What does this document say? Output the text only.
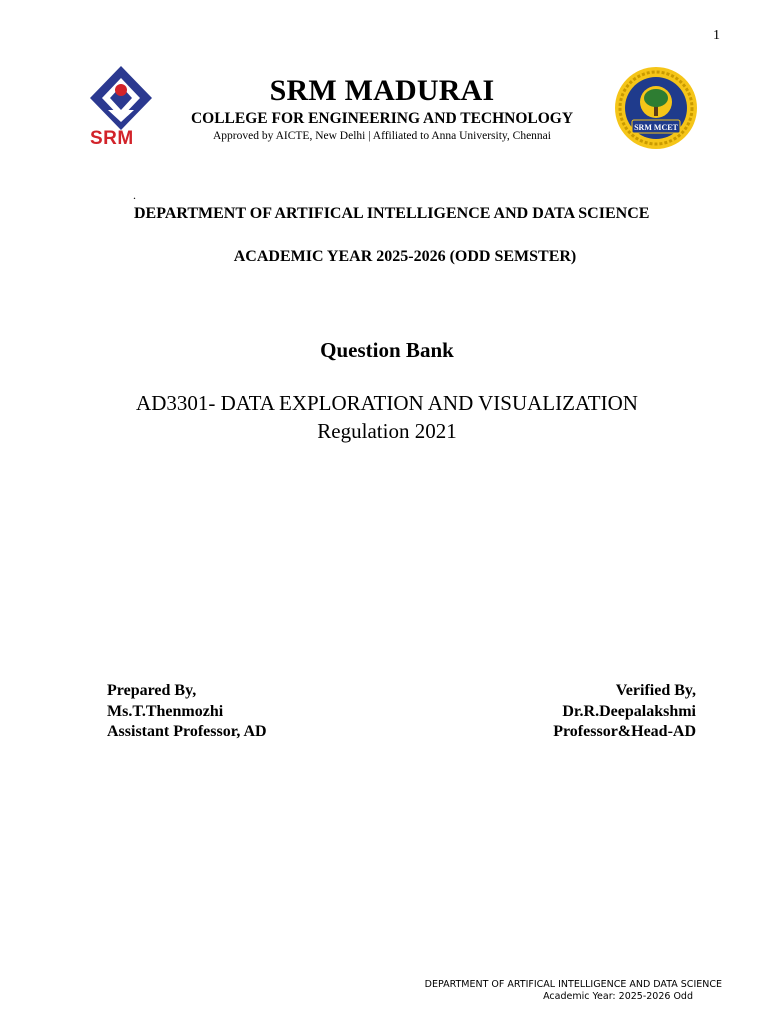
1
SRM
SRM MADURAI
COLLEGE FOR ENGINEERING AND TECHNOLOGY
Approved by AICTE, New Delhi | Affiliated to Anna University, Chennai
SRM MCET
.
DEPARTMENT OF ARTIFICAL INTELLIGENCE AND DATA SCIENCE
ACADEMIC YEAR 2025-2026 (ODD SEMSTER)
Question Bank
AD3301- DATA EXPLORATION AND VISUALIZATION
Regulation 2021
Prepared By,
Ms.T.Thenmozhi
Assistant Professor, AD
Verified By,
Dr.R.Deepalakshmi
Professor&Head-AD
DEPARTMENT OF ARTIFICAL INTELLIGENCE AND DATA SCIENCE
Academic Year: 2025-2026 Odd
